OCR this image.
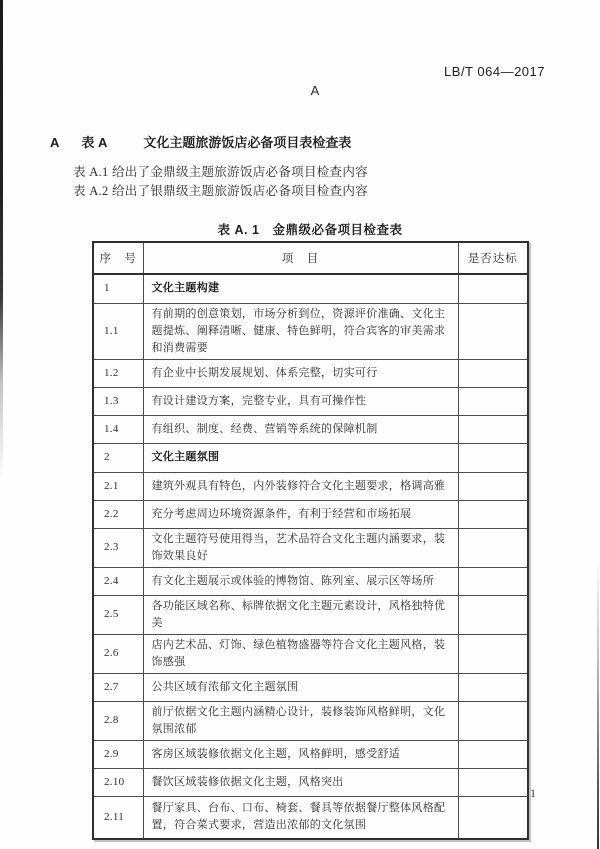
LB/T 064—2017
A
A 表 A	文化主题旅游饭店必备项目表检查表
表 A.1 给出了金鼎级主题旅游饭店必备项目检查内容
表 A.2 给出了银鼎级主题旅游饭店必备项目检查内容
表 A. 1　金鼎级必备项目检查表
序　号	项　目	是否达标
1	文化主题构建	
1.1	有前期的创意策划，市场分析到位，资源评价准确、文化主题提炼、阐释清晰、健康、特色鲜明，符合宾客的审美需求和消费需要	
1.2	有企业中长期发展规划、体系完整，切实可行	
1.3	有设计建设方案，完整专业，具有可操作性	
1.4	有组织、制度、经费、营销等系统的保障机制	
2	文化主题氛围	
2.1	建筑外观具有特色，内外装修符合文化主题要求，格调高雅	
2.2	充分考虑周边环境资源条件，有利于经营和市场拓展	
2.3	文化主题符号使用得当，艺术品符合文化主题内涵要求，装饰效果良好	
2.4	有文化主题展示或体验的博物馆、陈列室、展示区等场所	
2.5	各功能区域名称、标牌依据文化主题元素设计，风格独特优美	
2.6	店内艺术品、灯饰、绿色植物盛器等符合文化主题风格，装饰感强	
2.7	公共区域有浓郁文化主题氛围	
2.8	前厅依据文化主题内涵精心设计，装修装饰风格鲜明，文化氛围浓郁	
2.9	客房区域装修依据文化主题，风格鲜明，感受舒适	
2.10	餐饮区域装修依据文化主题，风格突出	
2.11	餐厅家具、台布、口布、椅套、餐具等依据餐厅整体风格配置，符合菜式要求，营造出浓郁的文化氛围	
1
